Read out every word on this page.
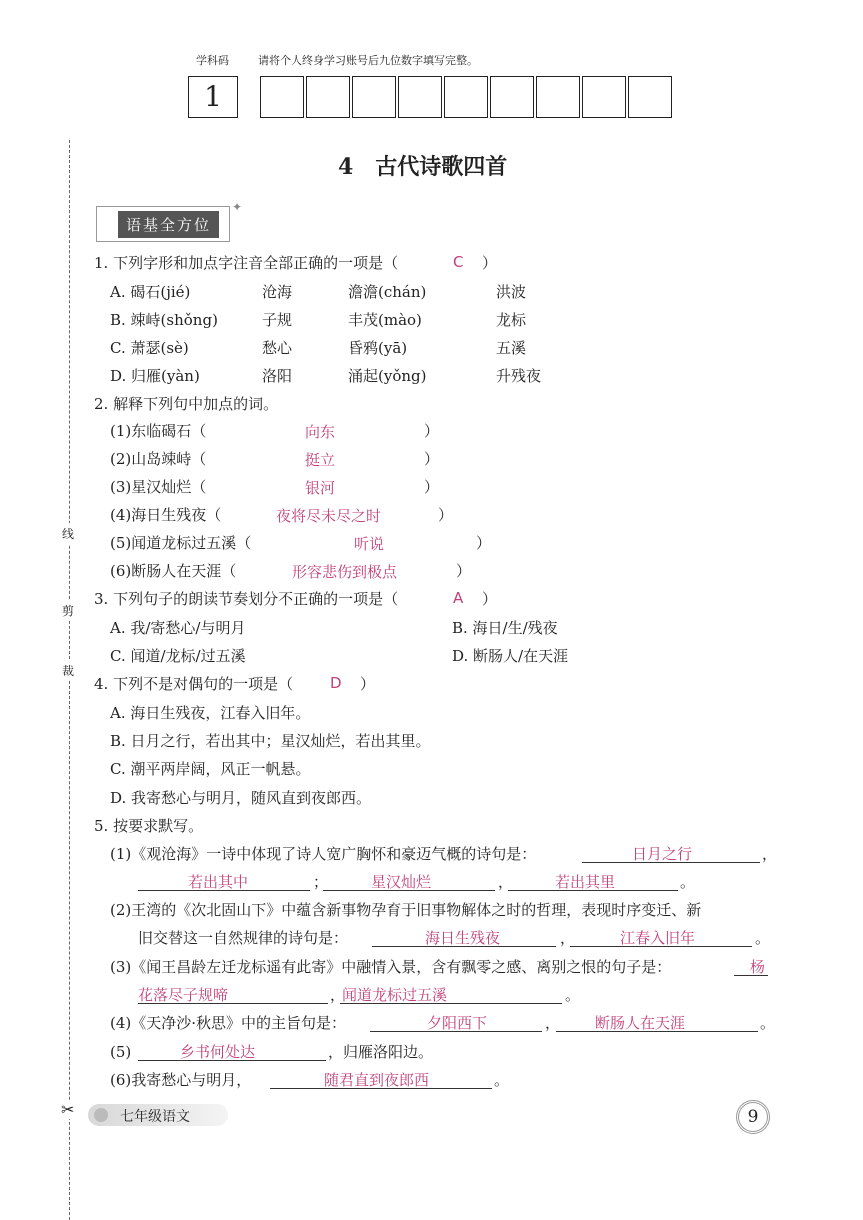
学科码	请将个人终身学习账号后九位数字填写完整。
1
线
剪
裁
✂
4　古代诗歌四首
语基全方位
✦
1. 下列字形和加点字注音全部正确的一项是（	C ）
A. 碣石(jié)	沧海	澹澹(chán)	洪波
B. 竦峙(shǒng)	子规	丰茂(mào)	龙标
C. 萧瑟(sè)	愁心	昏鸦(yā)	五溪
D. 归雁(yàn)	洛阳	涌起(yǒng)	升残夜
2. 解释下列句中加点的词。
(1)东临碣石（	向东	）
(2)山岛竦峙（	挺立	）
(3)星汉灿烂（	银河	）
(4)海日生残夜（	夜将尽未尽之时	）
(5)闻道龙标过五溪（	听说	）
(6)断肠人在天涯（	形容悲伤到极点	）
3. 下列句子的朗读节奏划分不正确的一项是（	A ）
A. 我/寄愁心/与明月	B. 海日/生/残夜
C. 闻道/龙标/过五溪	D. 断肠人/在天涯
4. 下列不是对偶句的一项是（ D ）
A. 海日生残夜，江春入旧年。
B. 日月之行，若出其中；星汉灿烂，若出其里。
C. 潮平两岸阔，风正一帆悬。
D. 我寄愁心与明月，随风直到夜郎西。
5. 按要求默写。
(1)《观沧海》一诗中体现了诗人宽广胸怀和豪迈气概的诗句是：	日月之行	，
若出其中	；	星汉灿烂	，	若出其里	。
(2)王湾的《次北固山下》中蕴含新事物孕育于旧事物解体之时的哲理，表现时序变迁、新
旧交替这一自然规律的诗句是：	海日生残夜	，	江春入旧年	。
(3)《闻王昌龄左迁龙标遥有此寄》中融情入景，含有飘零之感、离别之恨的句子是：	杨
花落尽子规啼	，
闻道龙标过五溪	。
(4)《天净沙·秋思》中的主旨句是：	夕阳西下	， 断肠人在天涯	。
(5)	乡书何处达	，归雁洛阳边。
(6)我寄愁心与明月，	随君直到夜郎西	。
七年级语文	9
